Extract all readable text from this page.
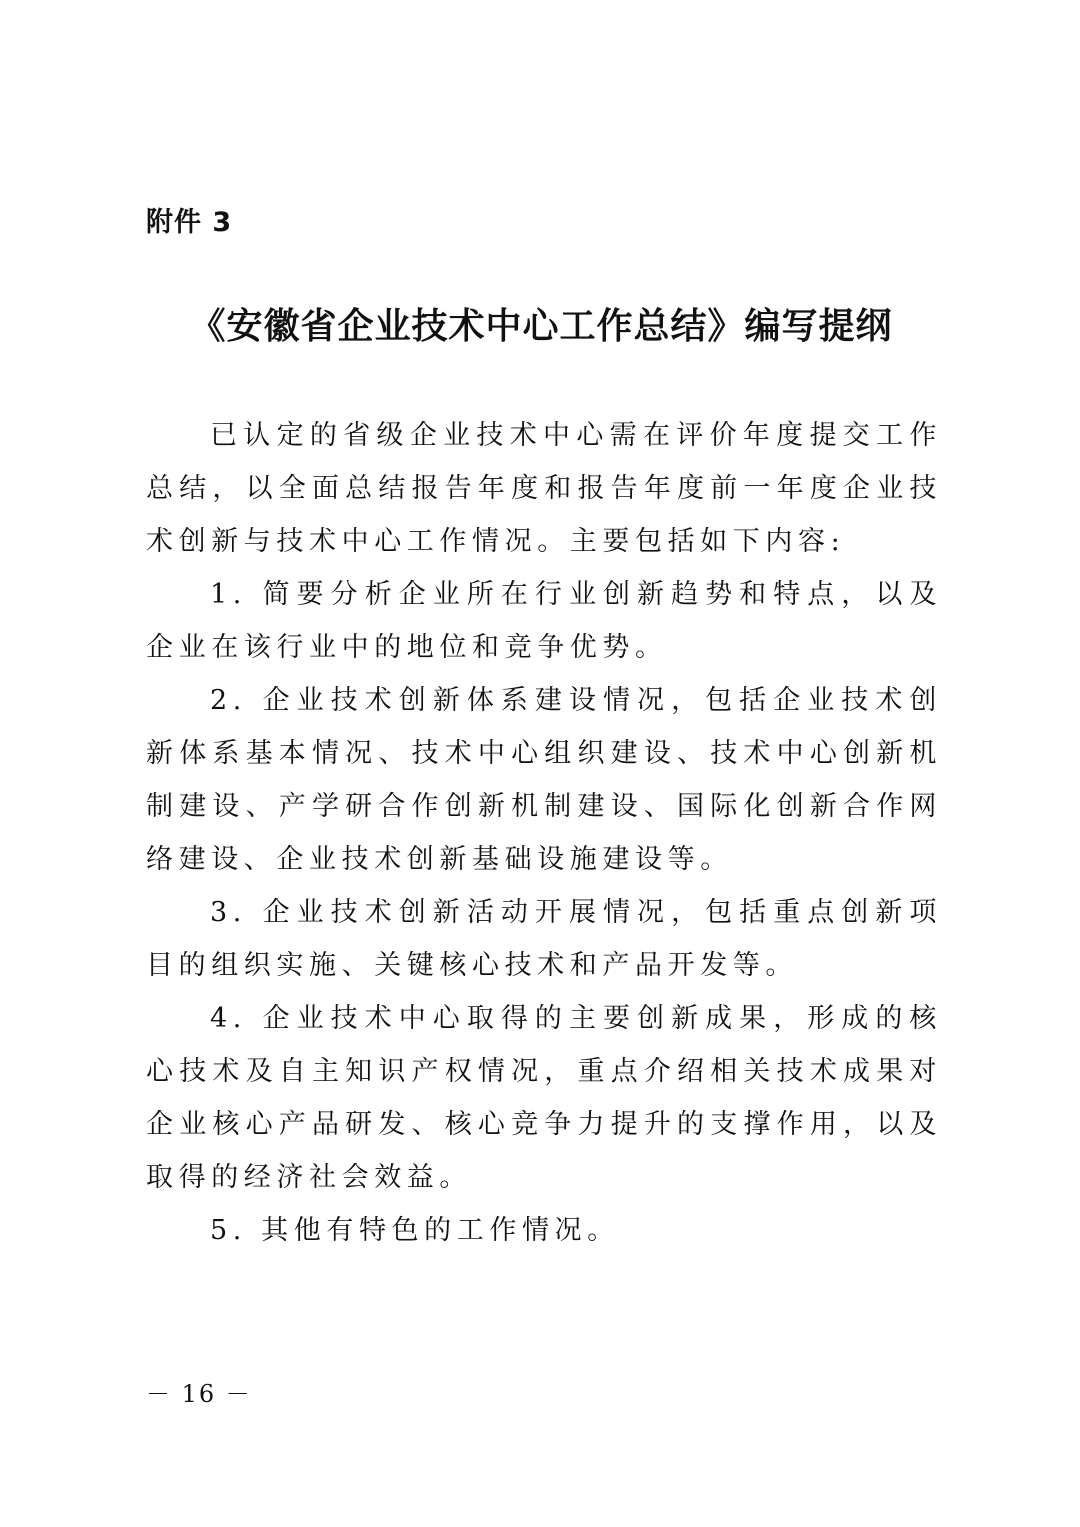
附件 3
《安徽省企业技术中心工作总结》编写提纲

已认定的省级企业技术中心需在评价年度提交工作总结，以全面总结报告年度和报告年度前一年度企业技术创新与技术中心工作情况。主要包括如下内容:

1. 简要分析企业所在行业创新趋势和特点，以及企业在该行业中的地位和竞争优势。

2. 企业技术创新体系建设情况，包括企业技术创新体系基本情况、技术中心组织建设、技术中心创新机制建设、产学研合作创新机制建设、国际化创新合作网络建设、企业技术创新基础设施建设等。

3. 企业技术创新活动开展情况，包括重点创新项目的组织实施、关键核心技术和产品开发等。

4. 企业技术中心取得的主要创新成果，形成的核心技术及自主知识产权情况，重点介绍相关技术成果对企业核心产品研发、核心竞争力提升的支撑作用，以及取得的经济社会效益。

5. 其他有特色的工作情况。

－ 16 －
